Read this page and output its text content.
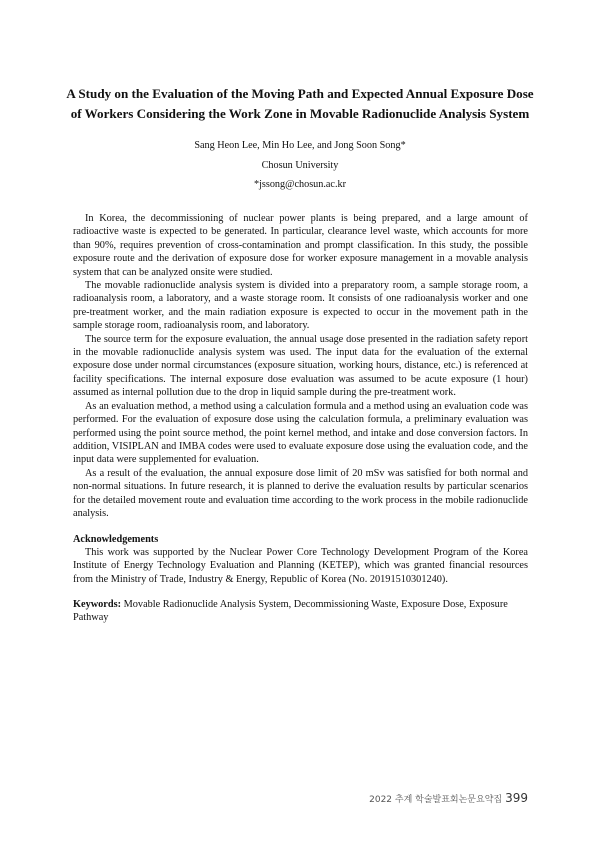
A Study on the Evaluation of the Moving Path and Expected Annual Exposure Dose
of Workers Considering the Work Zone in Movable Radionuclide Analysis System
Sang Heon Lee, Min Ho Lee, and Jong Soon Song*
Chosun University
*jssong@chosun.ac.kr

In Korea, the decommissioning of nuclear power plants is being prepared, and a large amount of radioactive waste is expected to be generated. In particular, clearance level waste, which accounts for more than 90%, requires prevention of cross-contamination and prompt classification. In this study, the possible exposure route and the derivation of exposure dose for worker exposure management in a movable analysis system that can be analyzed onsite were studied.

The movable radionuclide analysis system is divided into a preparatory room, a sample storage room, a radioanalysis room, a laboratory, and a waste storage room. It consists of one radioanalysis worker and one pre-treatment worker, and the main radiation exposure is expected to occur in the movement path in the sample storage room, radioanalysis room, and laboratory.

The source term for the exposure evaluation, the annual usage dose presented in the radiation safety report in the movable radionuclide analysis system was used. The input data for the evaluation of the external exposure dose under normal circumstances (exposure situation, working hours, distance, etc.) is referenced at facility specifications. The internal exposure dose evaluation was assumed to be acute exposure (1 hour) assumed as internal pollution due to the drop in liquid sample during the pre-treatment work.

As an evaluation method, a method using a calculation formula and a method using an evaluation code was performed. For the evaluation of exposure dose using the calculation formula, a preliminary evaluation was performed using the point source method, the point kernel method, and intake and dose conversion factors. In addition, VISIPLAN and IMBA codes were used to evaluate exposure dose using the evaluation code, and the input data were supplemented for evaluation.

As a result of the evaluation, the annual exposure dose limit of 20 mSv was satisfied for both normal and non-normal situations. In future research, it is planned to derive the evaluation results by particular scenarios for the detailed movement route and evaluation time according to the work process in the mobile radionuclide analysis.

Acknowledgements

This work was supported by the Nuclear Power Core Technology Development Program of the Korea Institute of Energy Technology Evaluation and Planning (KETEP), which was granted financial resources from the Ministry of Trade, Industry & Energy, Republic of Korea (No. 20191510301240).

Keywords: Movable Radionuclide Analysis System, Decommissioning Waste, Exposure Dose, Exposure Pathway

2022 추계 학술발표회논문요약집 399
